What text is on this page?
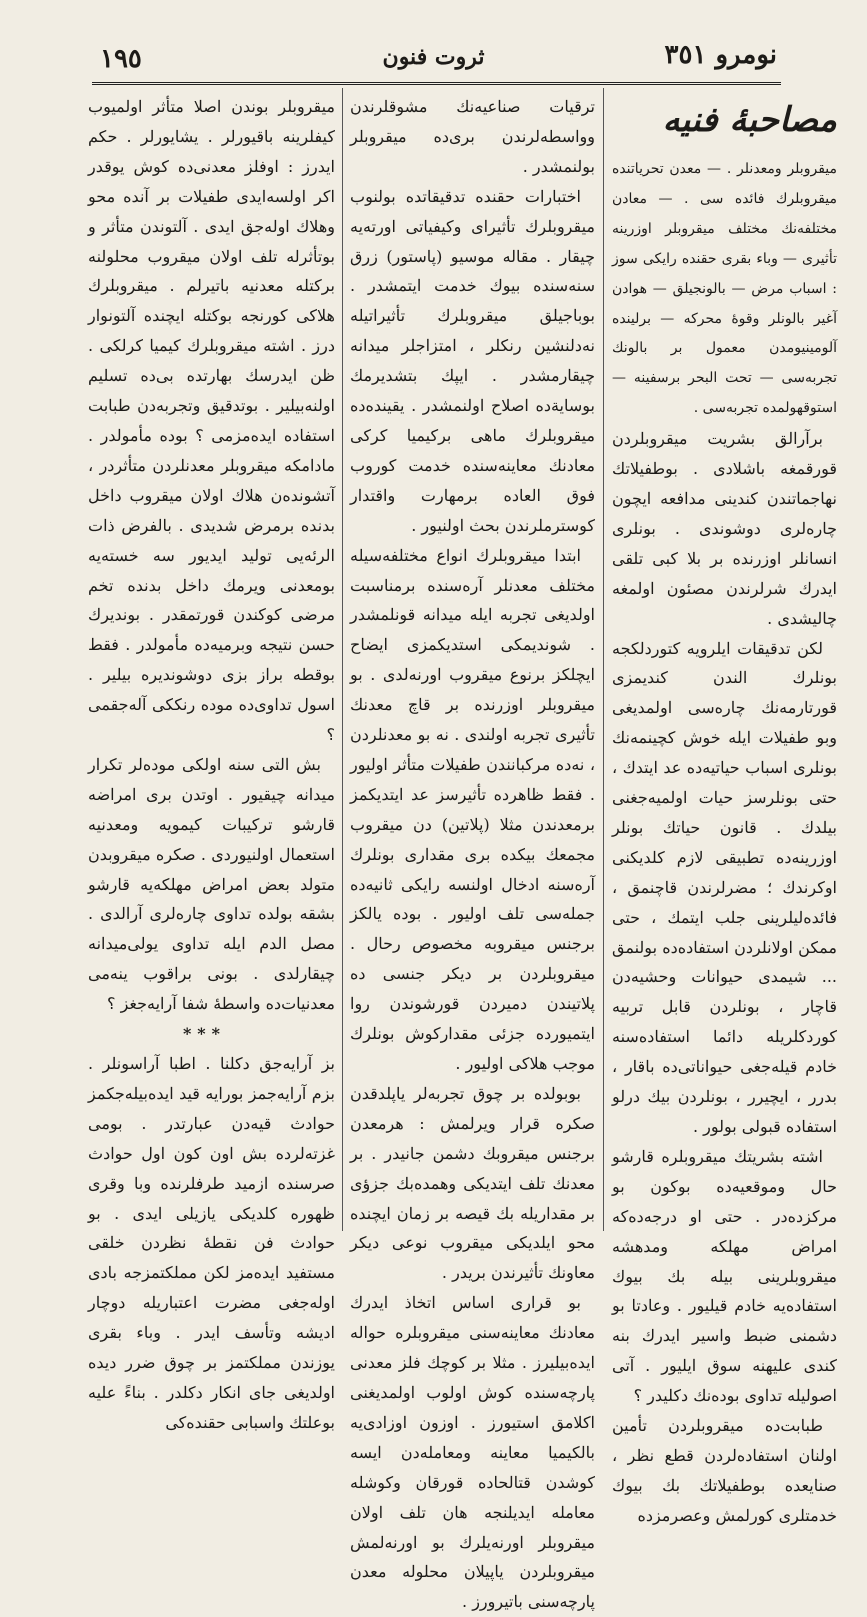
١٩٥	ثروت فنون	نومرو ٣٥١
مصاحبهٔ فنیه

میقروبلر ومعدنلر . — معدن تحریاتنده میقروبلرك فائده سی . — معادن مختلفه‌نك مختلف میقروبلر اوزرینه تأثیری — وباء بقری حقنده رایكی سوز : اسباب مرض — بالونجیلق — هوادن آغیر بالونلر وقوهٔ محركه — برلینده آلومینیومدن معمول بر بالونك تجربه‌سی — تحت البحر برسفینه — استوقهولمده تجربه‌سی .

برآرالق بشریت میقروبلردن قورقمغه باشلادی . بوطفیلاتك نهاجماتندن كندینی مدافعه ایچون چاره‌لری دوشوندی . بونلری انسانلر اوزرنده بر بلا كبی تلقی ایدرك شرلرندن مصئون اولمغه چالیشدی .

لكن تدقیقات ایلرویه كتوردلكجه بونلرك الندن كندیمزی قورتارمه‌نك چاره‌سی اولمدیغی وبو طفیلات ایله خوش كچینمه‌نك بونلری اسباب حیاتیه‌ده عد ایتدك ، حتی بونلرسز حیات اولمیه‌جغنی بیلدك . قانون حیاتك بونلر اوزرینه‌ده تطبیقی لازم كلدیكنی اوكرندك ؛ مضرلرندن قاچنمق ، فائده‌لیلرینی جلب ایتمك ، حتی ممكن اولانلردن استفاده‌ده بولنمق ... شیمدی حیوانات وحشیه‌دن قاچار ، بونلردن قابل تربیه كوردكلریله دائما استفاده‌سنه خادم قیله‌جغی حیواناتی‌ده باقار ، بدرر ، ایچیرر ، بونلردن بیك درلو استفاده قبولی بولور .

اشته بشریتك میقروبلره قارشو حال وموقعیه‌ده بوكون بو مركزده‌در . حتی او درجه‌ده‌كه امراض مهلكه ومدهشه میقروبلرینی بیله بك بیوك استفاده‌یه خادم قیلیور . وعادتا بو دشمنی ضبط واسیر ایدرك بنه كندی علیهنه سوق ایلیور . آتی اصولیله تداوی بوده‌نك دكلیدر ؟

طبابت‌ده میقروبلردن تأمین اولنان استفاده‌لردن قطع نظر ، صنایعده بوطفیلاتك بك بیوك خدمتلری كورلمش وعصرمزده

ترقیات صناعیه‌نك مشوقلرندن وواسطه‌لرندن بری‌ده میقروبلر بولنمشدر .

اختبارات حقنده تدقیقاتده بولنوب میقروبلرك تأثیرای وكیفیاتی اورته‌یه چیقار . مقاله موسیو (پاستور) زرق سنه‌سنده بیوك خدمت ایتمشدر . بوباجیلق میقروبلرك تأثیراتیله نه‌دلنشین رنكلر ، امتزاجلر میدانه چیقارمشدر . ایپك بتشدیرمك بوساية‌ده اصلاح اولنمشدر . یقینده‌ده میقروبلرك ماهی بركیمیا كركی معادنك معاینه‌سنده خدمت كوروب فوق العاده برمهارت واقتدار كوسترملرندن بحث اولنیور .

ابتدا میقروبلرك انواع مختلفه‌سیله مختلف معدنلر آره‌سنده برمناسبت اولدیغی تجربه ایله میدانه قونلمشدر . شوندیمكی استدیكمزی ایضاح ایچلكز برنوع میقروب اورنه‌لدی . بو میقروبلر اوزرنده بر قاچ معدنك تأثیری تجربه اولندی . نه بو معدنلردن ، نه‌ده مركبانندن طفیلات متأثر اولیور . فقط ظاهرده تأثیرسز عد ایتدیكمز برمعدندن مثلا (پلاتین) دن میقروب مجمعك بیكده بری مقداری بونلرك آره‌سنه ادخال اولنسه رایكی ثانیه‌ده جمله‌سی تلف اولیور . بوده یالكز برجنس میقروبه مخصوص رحال . میقروبلردن بر دیكر جنسی ده پلاتیندن دمیردن قورشوندن روا ایتمیورده جزئی مقداركوش بونلرك موجب هلاكی اولیور .

بوبولده بر چوق تجربه‌لر یاپلدقدن صكره قرار ویرلمش : هرمعدن برجنس میقروبك دشمن جانیدر . بر معدنك تلف ایتدیكی وهمده‌بك جزؤی بر مقداریله بك قیصه بر زمان ایچنده محو ایلدیكی میقروب نوعی دیكر معاونك تأثیرندن بریدر .

بو قراری اساس اتخاذ ایدرك معادنك معاینه‌سنی میقروبلره حواله ایده‌بیلیرز . مثلا بر كوچك فلز معدنی پارچه‌سنده كوش اولوب اولمدیغنی اكلامق استیورز . اوزون اوزادی‌یه بالكیمیا معاینه ومعامله‌دن ایسه كوشدن قتالحاده قورقان وكوشله معامله ایدیلنجه هان تلف اولان میقروبلر اورنه‌یلرك بو اورنه‌لمش میقروبلردن یاپیلان محلوله معدن پارچه‌سنی باتیرورز .

میقروبلر بوندن اصلا متأثر اولمیوب كیفلرینه باقیورلر . یشایورلر . حكم ایدرز : اوفلز معدنی‌ده كوش یوقدر اكر اولسه‌ایدی طفیلات بر آنده محو وهلاك اوله‌جق ایدی . آلتوندن متأثر و بوتأثرله تلف اولان میقروب محلولنه بركتله معدنیه باتیرلم . میقروبلرك هلاكی كورنجه بوكتله ایچنده آلتونوار درز . اشته میقروبلرك كیمیا كرلكی . ظن ایدرسك بهارتده بی‌ده تسلیم اولنه‌بیلیر . بوتدقیق وتجربه‌دن طبابت استفاده ایده‌مزمی ؟ بوده مأمولدر . مادامكه میقروبلر معدنلردن متأثردر ، آتشونده‌ن هلاك اولان میقروب داخل بدنده برمرض شدیدی . بالفرض ذات الرئه‌یی تولید ایدیور سه خسته‌یه بومعدنی ویرمك داخل بدنده تخم مرضی كوكندن قورتمقدر . بوندیرك حسن نتیجه وبرمیه‌ده مأمولدر . فقط بوقطه براز بزی دوشوندیره بیلیر . اسول تداوی‌ده موده رنككی آله‌جقمی ؟

بش التی سنه اولكی موده‌لر تكرار میدانه چیقیور . اوتدن بری امراضه قارشو تركیبات كیمویه ومعدنیه استعمال اولنیوردی . صكره میقروبدن متولد بعض امراض مهلكه‌یه قارشو بشقه بولده تداوی چاره‌لری آرالدی . مصل الدم ایله تداوی یولی‌میدانه چیقارلدی . بونی براقوب ینه‌می معدنیات‌ده واسطهٔ شفا آرایه‌جغز ؟

***

بز آرایه‌جق دكلنا . اطبا آراسونلر . بزم آرایه‌جمز بورایه قید ایده‌بیله‌جكمز حوادث قیه‌دن عبارتدر . بومی غزته‌لرده بش اون كون اول حوادث صرسنده ازمید طرفلرنده وبا وقری ظهوره كلدیكی یازیلی ایدی . بو حوادث فن نقطهٔ نظردن خلقی مستفید ایده‌مز لكن مملكتمزجه بادی اوله‌جغی مضرت اعتباریله دوچار ادیشه وتأسف ایدر . وباء بقری یوزندن مملكتمز بر چوق ضرر دیده اولدیغی جای انكار دكلدر . بناءً علیه بوعلتك واسبابی حقنده‌كی
